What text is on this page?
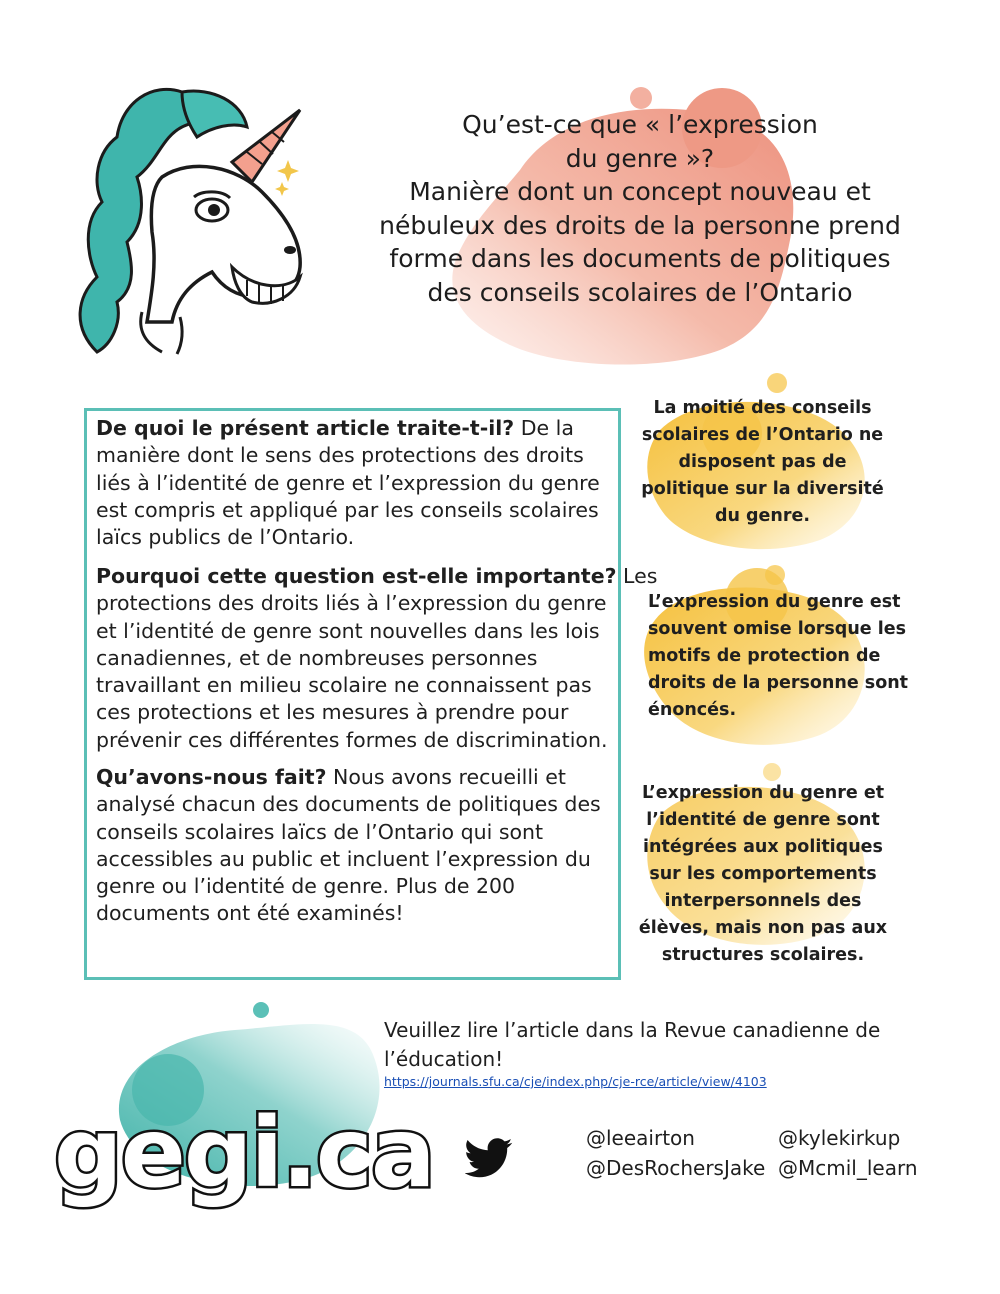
Qu’est-ce que « l’expression
du genre »?
Manière dont un concept nouveau et
nébuleux des droits de la personne prend
forme dans les documents de politiques
des conseils scolaires de l’Ontario
De quoi le présent article traite-t-il? De la
manière dont le sens des protections des droits
liés à l’identité de genre et l’expression du genre
est compris et appliqué par les conseils scolaires
laïcs publics de l’Ontario.
Pourquoi cette question est-elle importante? Les
protections des droits liés à l’expression du genre
et l’identité de genre sont nouvelles dans les lois
canadiennes, et de nombreuses personnes
travaillant en milieu scolaire ne connaissent pas
ces protections et les mesures à prendre pour
prévenir ces différentes formes de discrimination.
Qu’avons-nous fait? Nous avons recueilli et
analysé chacun des documents de politiques des
conseils scolaires laïcs de l’Ontario qui sont
accessibles au public et incluent l’expression du
genre ou l’identité de genre. Plus de 200
documents ont été examinés!
La moitié des conseils
scolaires de l’Ontario ne
disposent pas de
politique sur la diversité
du genre.
L’expression du genre est
souvent omise lorsque les
motifs de protection de
droits de la personne sont
énoncés.
L’expression du genre et
l’identité de genre sont
intégrées aux politiques
sur les comportements
interpersonnels des
élèves, mais non pas aux
structures scolaires.
Veuillez lire l’article dans la Revue canadienne de
l’éducation!
https://journals.sfu.ca/cje/index.php/cje-rce/article/view/4103
gegi.ca	@leeairton	@kylekirkup
@DesRochersJake @Mcmil_learn
